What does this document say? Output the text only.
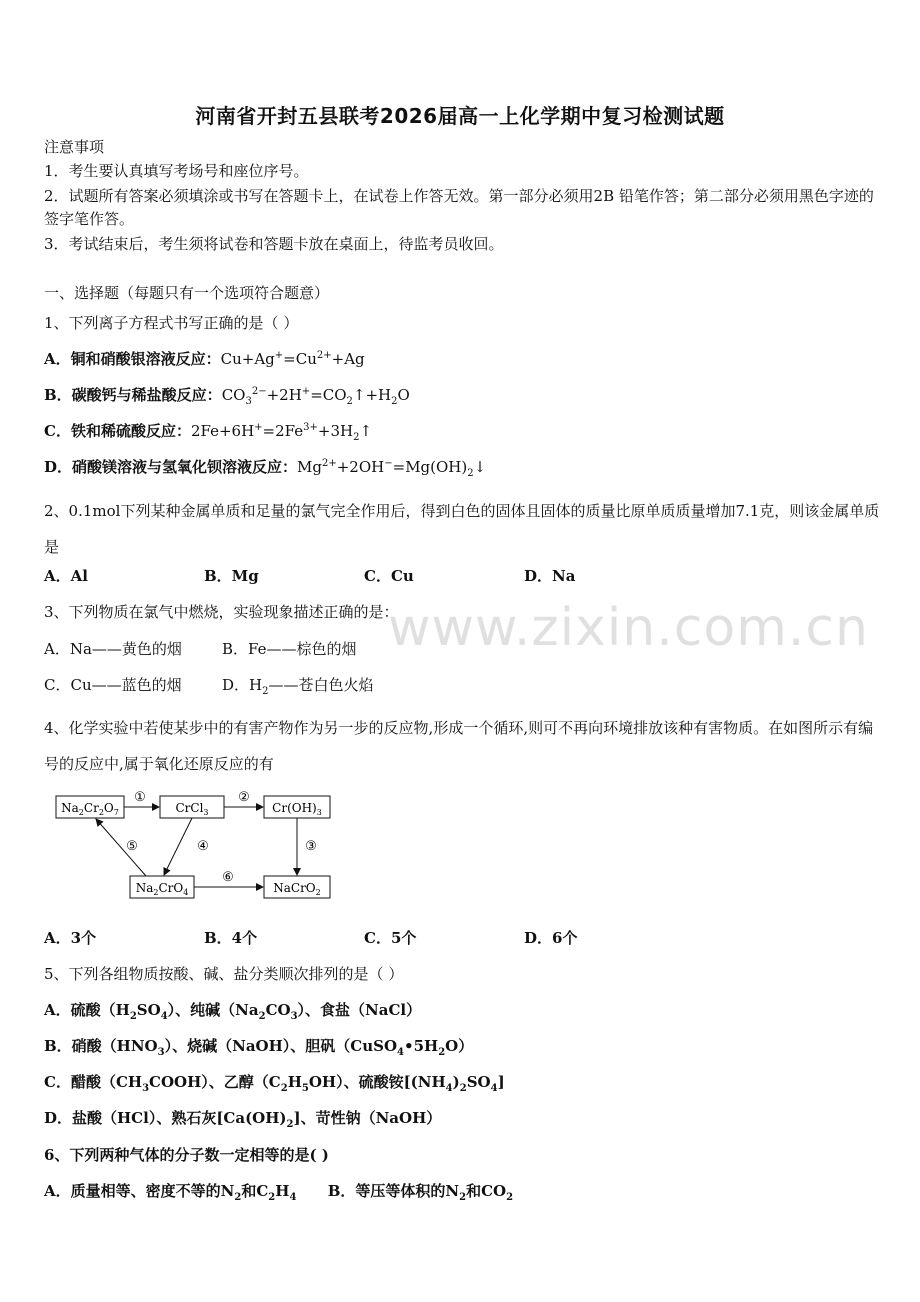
河南省开封五县联考2026届高一上化学期中复习检测试题
注意事项
1．考生要认真填写考场号和座位序号。
2．试题所有答案必须填涂或书写在答题卡上，在试卷上作答无效。第一部分必须用2B 铅笔作答；第二部分必须用黑色字迹的签字笔作答。
3．考试结束后，考生须将试卷和答题卡放在桌面上，待监考员收回。
一、选择题（每题只有一个选项符合题意）
1、下列离子方程式书写正确的是（ ）
A．铜和硝酸银溶液反应：$Cu+Ag^+=Cu^{2+}+Ag$
B．碳酸钙与稀盐酸反应：$CO_3^{2-}+2H^+=CO_2↑+H_2O$
C．铁和稀硫酸反应：$2Fe+6H^+=2Fe^{3+}+3H_2↑$
D．硝酸镁溶液与氢氧化钡溶液反应：$Mg^{2+}+2OH^-=Mg(OH)_2↓$
2、0.1mol下列某种金属单质和足量的氯气完全作用后，得到白色的固体且固体的质量比原单质质量增加7.1克，则该金属单质是
A．Al	B．Mg	C．Cu	D．Na
3、下列物质在氯气中燃烧，实验现象描述正确的是：
A．Na——黄色的烟	B．Fe——棕色的烟
C．Cu——蓝色的烟	D．$H_2——$苍白色火焰
4、化学实验中若使某步中的有害产物作为另一步的反应物,形成一个循环,则可不再向环境排放该种有害物质。在如图所示有编号的反应中,属于氧化还原反应的有
$Na_2Cr_2O_7$	CrCl$_3$	$Cr(OH)_3$
$Na_2CrO_4$	NaCrO$_2$
①	②
③
④
⑤
⑥
A．3个	B．4个	C．5个	D．6个
5、下列各组物质按酸、碱、盐分类顺次排列的是（ ）
A．硫酸$(H_2SO_4)$、纯碱$(Na_2CO_3)$、食盐（NaCl）
B．硝酸$(HNO_3)$、烧碱（NaOH）、胆矾$(CuSO_4•5H_2O)$
C．醋酸$(CH_3COOH)$、乙醇$(C_2H_5OH)$、硫酸铵$[(NH_4)_2SO_4]$
D．盐酸（HCl）、熟石灰$[Ca(OH)_2]$、苛性钠（NaOH）
6、下列两种气体的分子数一定相等的是( )
A．质量相等、密度不等的$N_2$和$C_2H_4$      B．等压等体积的$N_2$和$CO_2$
www.zixin.com.cn
